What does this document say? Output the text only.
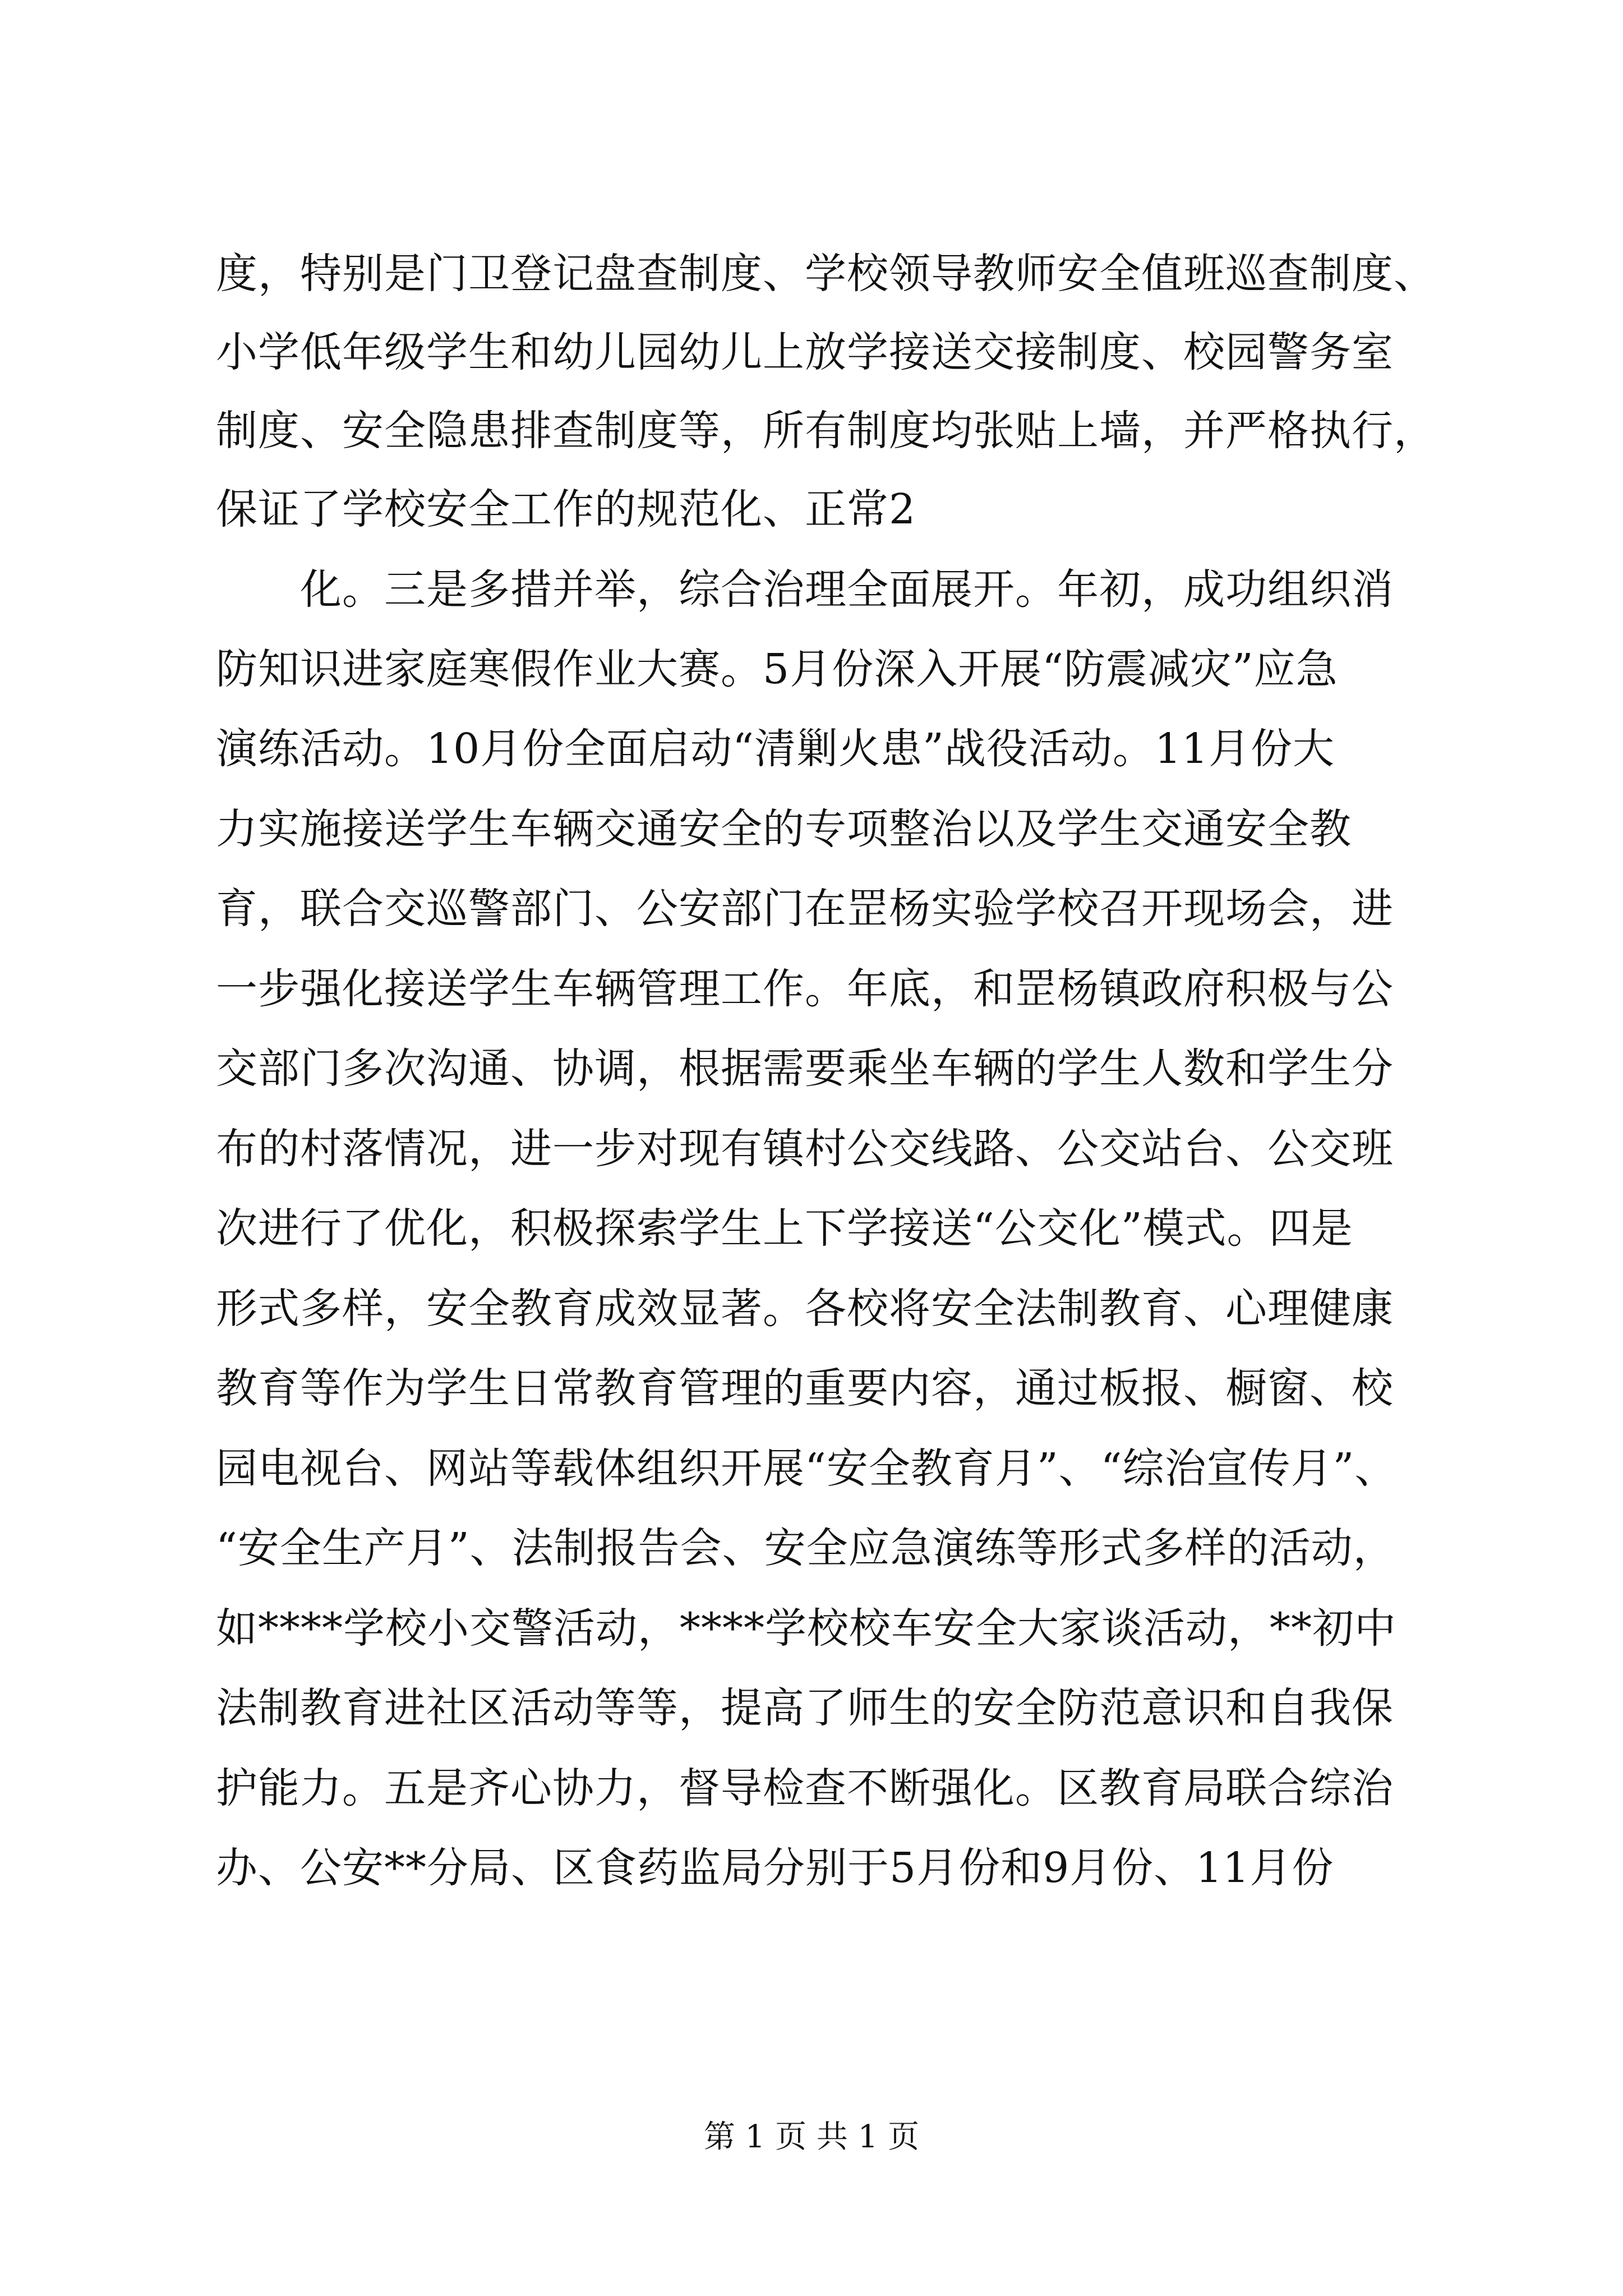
度，特别是门卫登记盘查制度、学校领导教师安全值班巡查制度、
小学低年级学生和幼儿园幼儿上放学接送交接制度、校园警务室
制度、安全隐患排查制度等，所有制度均张贴上墙，并严格执行，
保证了学校安全工作的规范化、正常2
化。三是多措并举，综合治理全面展开。年初，成功组织消
防知识进家庭寒假作业大赛。5月份深入开展“防震减灾”应急
演练活动。10月份全面启动“清剿火患”战役活动。11月份大
力实施接送学生车辆交通安全的专项整治以及学生交通安全教
育，联合交巡警部门、公安部门在罡杨实验学校召开现场会，进
一步强化接送学生车辆管理工作。年底，和罡杨镇政府积极与公
交部门多次沟通、协调，根据需要乘坐车辆的学生人数和学生分
布的村落情况，进一步对现有镇村公交线路、公交站台、公交班
次进行了优化，积极探索学生上下学接送“公交化”模式。四是
形式多样，安全教育成效显著。各校将安全法制教育、心理健康
教育等作为学生日常教育管理的重要内容，通过板报、橱窗、校
园电视台、网站等载体组织开展“安全教育月”、“综治宣传月”、
“安全生产月”、法制报告会、安全应急演练等形式多样的活动，
如****学校小交警活动，****学校校车安全大家谈活动，**初中
法制教育进社区活动等等，提高了师生的安全防范意识和自我保
护能力。五是齐心协力，督导检查不断强化。区教育局联合综治
办、公安**分局、区食药监局分别于5月份和9月份、11月份
第 1 页 共 1 页
